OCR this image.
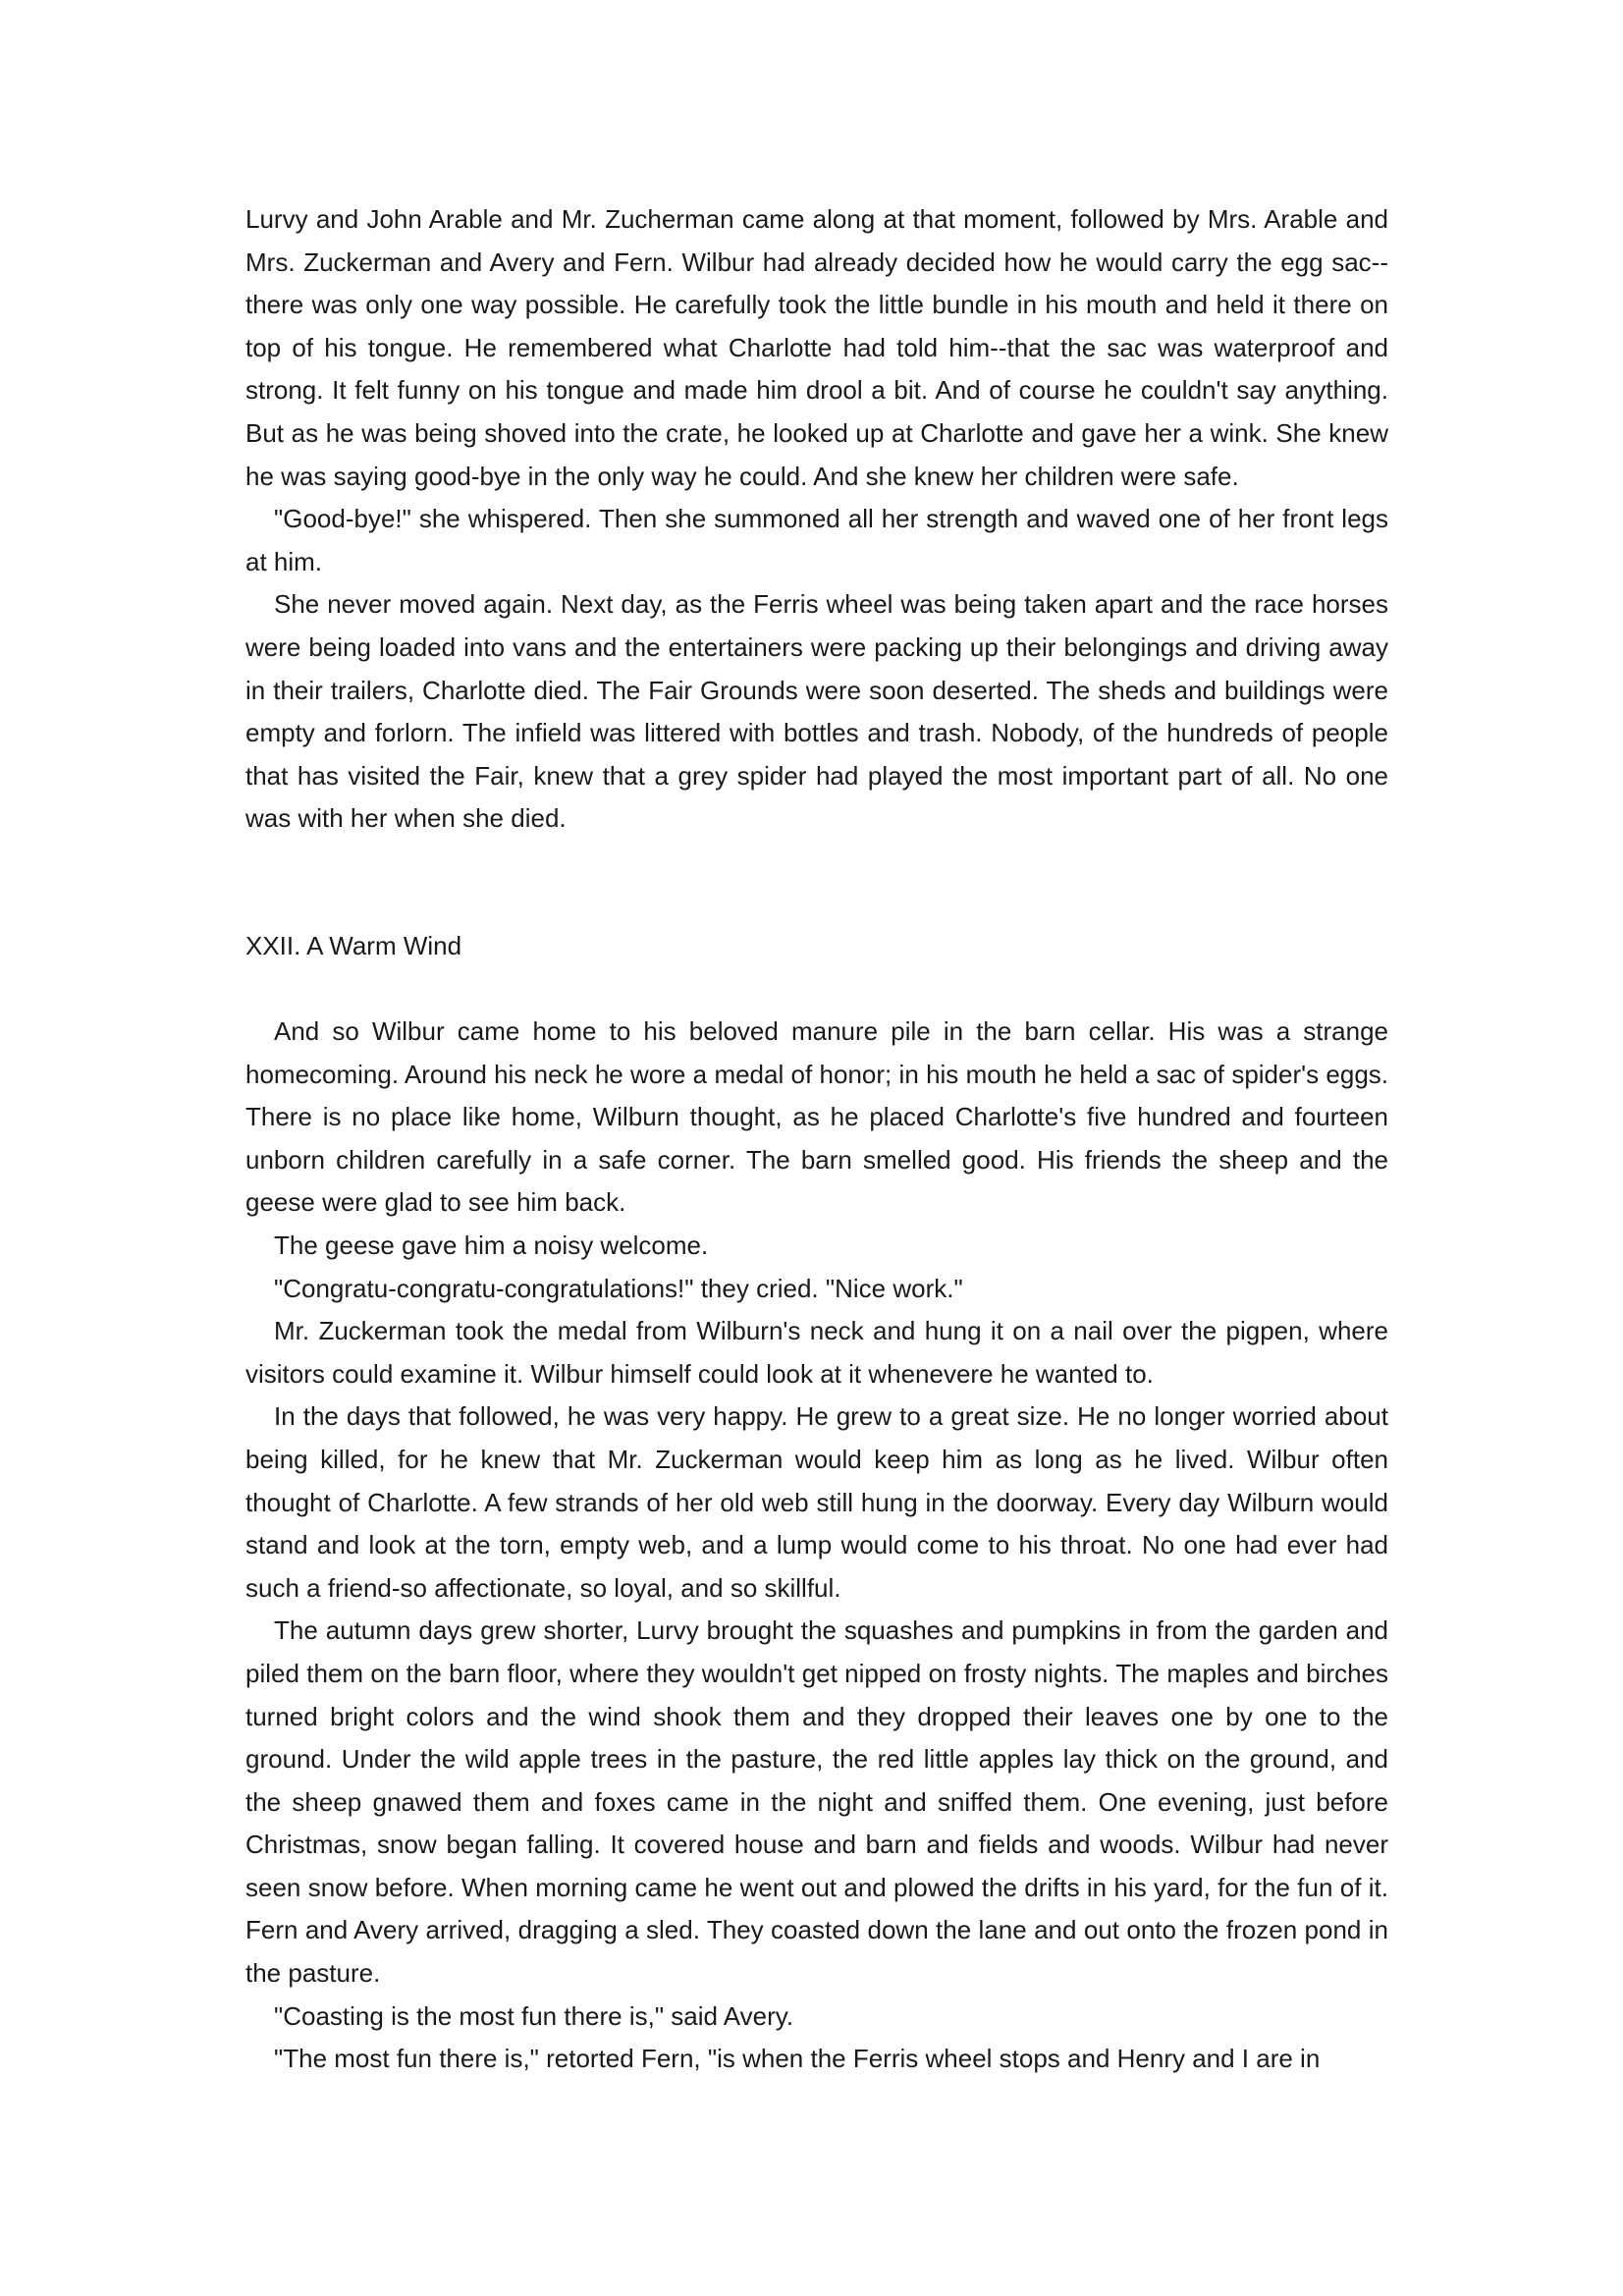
Lurvy and John Arable and Mr. Zucherman came along at that moment, followed by Mrs. Arable and Mrs. Zuckerman and Avery and Fern. Wilbur had already decided how he would carry the egg sac--there was only one way possible. He carefully took the little bundle in his mouth and held it there on top of his tongue. He remembered what Charlotte had told him--that the sac was waterproof and strong. It felt funny on his tongue and made him drool a bit. And of course he couldn't say anything. But as he was being shoved into the crate, he looked up at Charlotte and gave her a wink. She knew he was saying good-bye in the only way he could. And she knew her children were safe.

"Good-bye!" she whispered. Then she summoned all her strength and waved one of her front legs at him.

She never moved again. Next day, as the Ferris wheel was being taken apart and the race horses were being loaded into vans and the entertainers were packing up their belongings and driving away in their trailers, Charlotte died. The Fair Grounds were soon deserted. The sheds and buildings were empty and forlorn. The infield was littered with bottles and trash. Nobody, of the hundreds of people that has visited the Fair, knew that a grey spider had played the most important part of all. No one was with her when she died.

XXII. A Warm Wind

And so Wilbur came home to his beloved manure pile in the barn cellar. His was a strange homecoming. Around his neck he wore a medal of honor; in his mouth he held a sac of spider's eggs. There is no place like home, Wilburn thought, as he placed Charlotte's five hundred and fourteen unborn children carefully in a safe corner. The barn smelled good. His friends the sheep and the geese were glad to see him back.

The geese gave him a noisy welcome.

"Congratu-congratu-congratulations!" they cried. "Nice work."

Mr. Zuckerman took the medal from Wilburn's neck and hung it on a nail over the pigpen, where visitors could examine it. Wilbur himself could look at it whenevere he wanted to.

In the days that followed, he was very happy. He grew to a great size. He no longer worried about being killed, for he knew that Mr. Zuckerman would keep him as long as he lived. Wilbur often thought of Charlotte. A few strands of her old web still hung in the doorway. Every day Wilburn would stand and look at the torn, empty web, and a lump would come to his throat. No one had ever had such a friend-so affectionate, so loyal, and so skillful.

The autumn days grew shorter, Lurvy brought the squashes and pumpkins in from the garden and piled them on the barn floor, where they wouldn't get nipped on frosty nights. The maples and birches turned bright colors and the wind shook them and they dropped their leaves one by one to the ground. Under the wild apple trees in the pasture, the red little apples lay thick on the ground, and the sheep gnawed them and foxes came in the night and sniffed them. One evening, just before Christmas, snow began falling. It covered house and barn and fields and woods. Wilbur had never seen snow before. When morning came he went out and plowed the drifts in his yard, for the fun of it. Fern and Avery arrived, dragging a sled. They coasted down the lane and out onto the frozen pond in the pasture.

"Coasting is the most fun there is," said Avery.

"The most fun there is," retorted Fern, "is when the Ferris wheel stops and Henry and I are in
